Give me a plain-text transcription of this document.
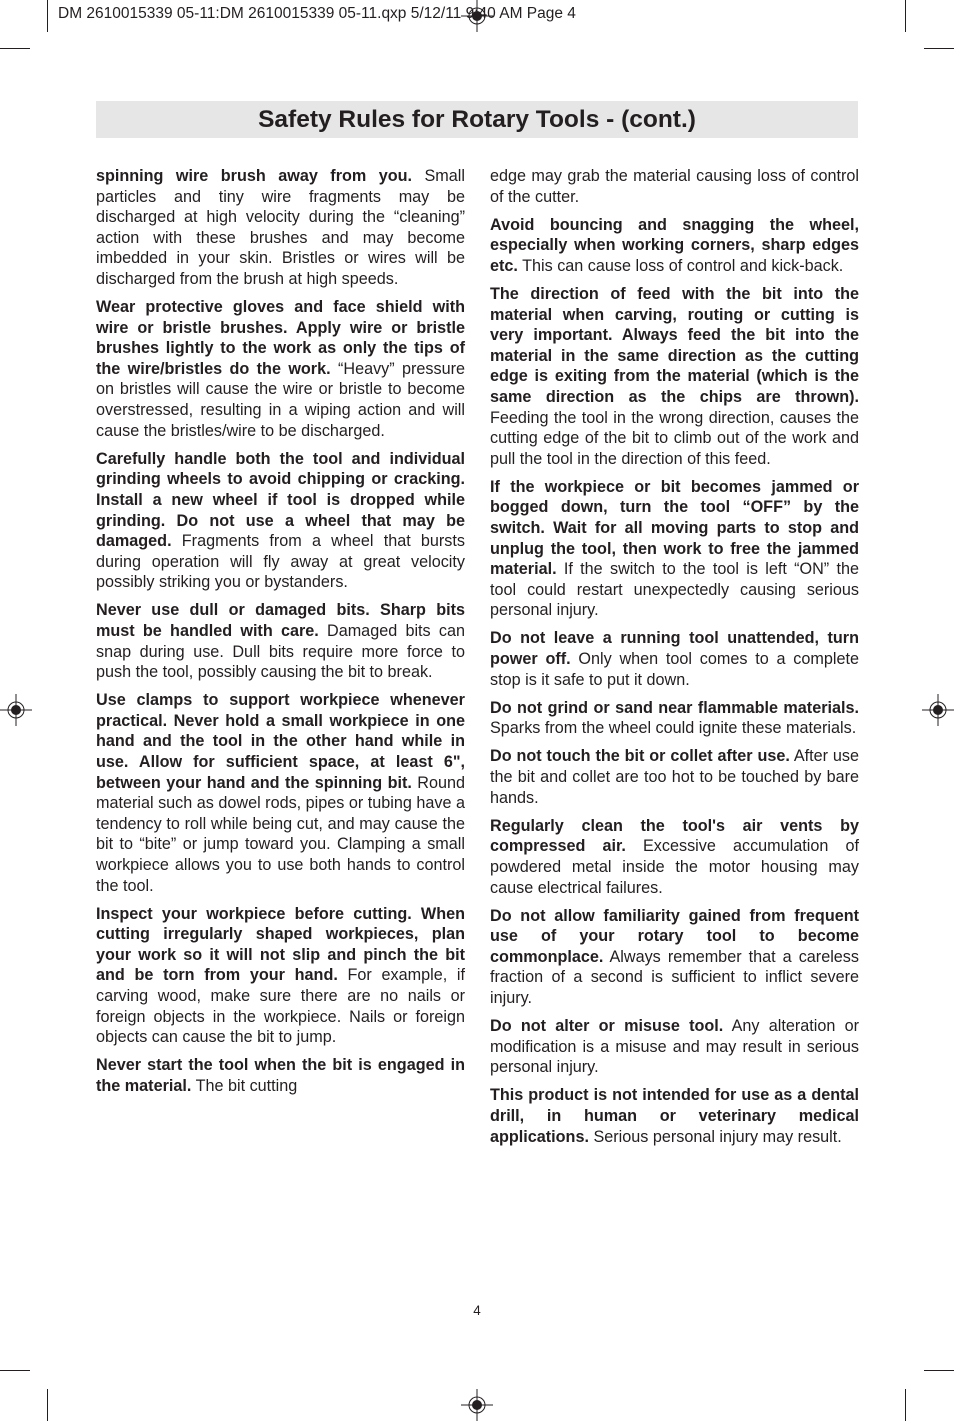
DM 2610015339 05-11:DM 2610015339 05-11.qxp 5/12/11 9:40 AM Page 4
Safety Rules for Rotary Tools - (cont.)

spinning wire brush away from you. Small particles and tiny wire fragments may be discharged at high velocity during the “cleaning” action with these brushes and may become imbedded in your skin. Bristles or wires will be discharged from the brush at high speeds.

Wear protective gloves and face shield with wire or bristle brushes. Apply wire or bristle brushes lightly to the work as only the tips of the wire/bristles do the work. “Heavy” pressure on bristles will cause the wire or bristle to become overstressed, resulting in a wiping action and will cause the bristles/wire to be discharged.

Carefully handle both the tool and individual grinding wheels to avoid chipping or cracking. Install a new wheel if tool is dropped while grinding. Do not use a wheel that may be damaged. Fragments from a wheel that bursts during operation will fly away at great velocity possibly striking you or bystanders.

Never use dull or damaged bits. Sharp bits must be handled with care. Damaged bits can snap during use. Dull bits require more force to push the tool, possibly causing the bit to break.

Use clamps to support workpiece whenever practical. Never hold a small workpiece in one hand and the tool in the other hand while in use. Allow for sufficient space, at least 6", between your hand and the spinning bit. Round material such as dowel rods, pipes or tubing have a tendency to roll while being cut, and may cause the bit to “bite” or jump toward you. Clamping a small workpiece allows you to use both hands to control the tool.

Inspect your workpiece before cutting. When cutting irregularly shaped workpieces, plan your work so it will not slip and pinch the bit and be torn from your hand. For example, if carving wood, make sure there are no nails or foreign objects in the workpiece. Nails or foreign objects can cause the bit to jump.

Never start the tool when the bit is engaged in the material. The bit cutting

edge may grab the material causing loss of control of the cutter.

Avoid bouncing and snagging the wheel, especially when working corners, sharp edges etc. This can cause loss of control and kick-back.

The direction of feed with the bit into the material when carving, routing or cutting is very important. Always feed the bit into the material in the same direction as the cutting edge is exiting from the material (which is the same direction as the chips are thrown). Feeding the tool in the wrong direction, causes the cutting edge of the bit to climb out of the work and pull the tool in the direction of this feed.

If the workpiece or bit becomes jammed or bogged down, turn the tool “OFF” by the switch. Wait for all moving parts to stop and unplug the tool, then work to free the jammed material. If the switch to the tool is left “ON” the tool could restart unexpectedly causing serious personal injury.

Do not leave a running tool unattended, turn power off. Only when tool comes to a complete stop is it safe to put it down.

Do not grind or sand near flammable materials. Sparks from the wheel could ignite these materials.

Do not touch the bit or collet after use. After use the bit and collet are too hot to be touched by bare hands.

Regularly clean the tool's air vents by compressed air. Excessive accumulation of powdered metal inside the motor housing may cause electrical failures.

Do not allow familiarity gained from frequent use of your rotary tool to become commonplace. Always remember that a careless fraction of a second is sufficient to inflict severe injury.

Do not alter or misuse tool. Any alteration or modification is a misuse and may result in serious personal injury.

This product is not intended for use as a dental drill, in human or veterinary medical applications. Serious personal injury may result.

4
